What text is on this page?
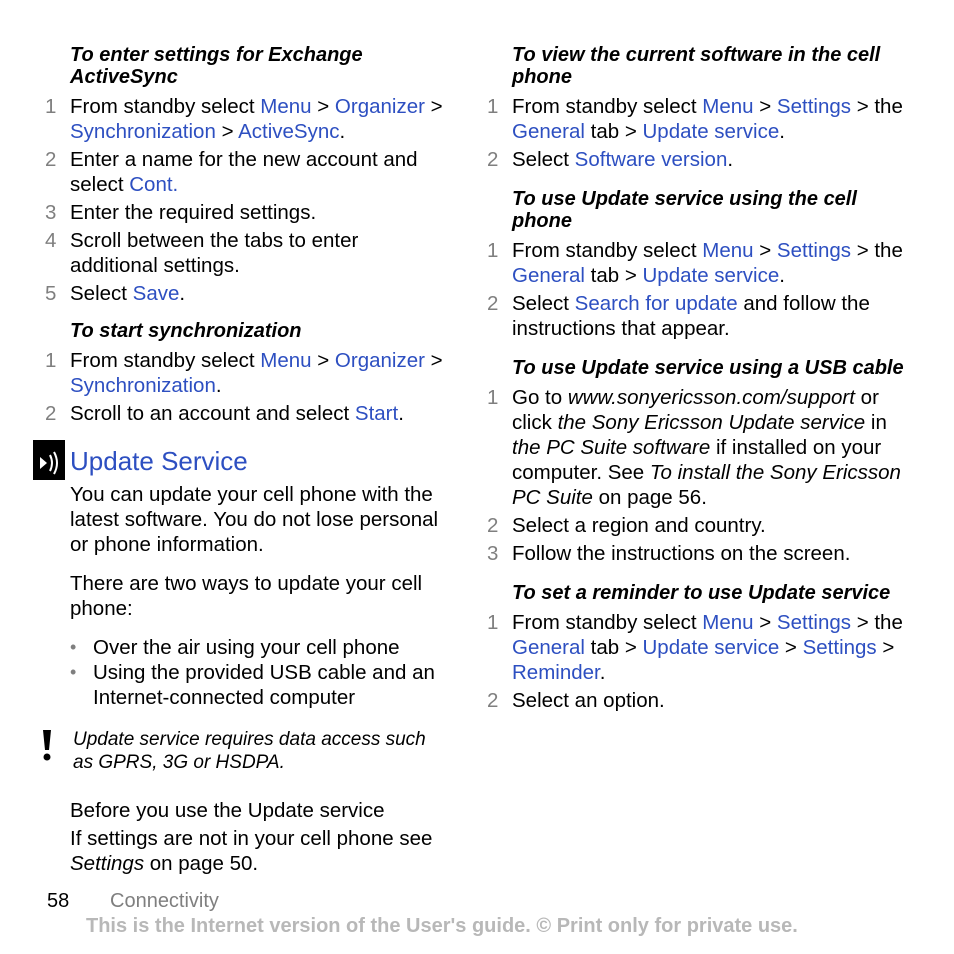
To enter settings for Exchange ActiveSync
1 From standby select Menu > Organizer > Synchronization > ActiveSync.
2 Enter a name for the new account and select Cont.
3 Enter the required settings.
4 Scroll between the tabs to enter additional settings.
5 Select Save.
To start synchronization
1 From standby select Menu > Organizer > Synchronization.
2 Scroll to an account and select Start.
Update Service
You can update your cell phone with the latest software. You do not lose personal or phone information.
There are two ways to update your cell phone:
• Over the air using your cell phone
• Using the provided USB cable and an Internet-connected computer
Update service requires data access such as GPRS, 3G or HSDPA.
Before you use the Update service
If settings are not in your cell phone see Settings on page 50.
To view the current software in the cell phone
1 From standby select Menu > Settings > the General tab > Update service.
2 Select Software version.
To use Update service using the cell phone
1 From standby select Menu > Settings > the General tab > Update service.
2 Select Search for update and follow the instructions that appear.
To use Update service using a USB cable
1 Go to www.sonyericsson.com/support or click the Sony Ericsson Update service in the PC Suite software if installed on your computer. See To install the Sony Ericsson PC Suite on page 56.
2 Select a region and country.
3 Follow the instructions on the screen.
To set a reminder to use Update service
1 From standby select Menu > Settings > the General tab > Update service > Settings > Reminder.
2 Select an option.
58 Connectivity
This is the Internet version of the User's guide. © Print only for private use.
